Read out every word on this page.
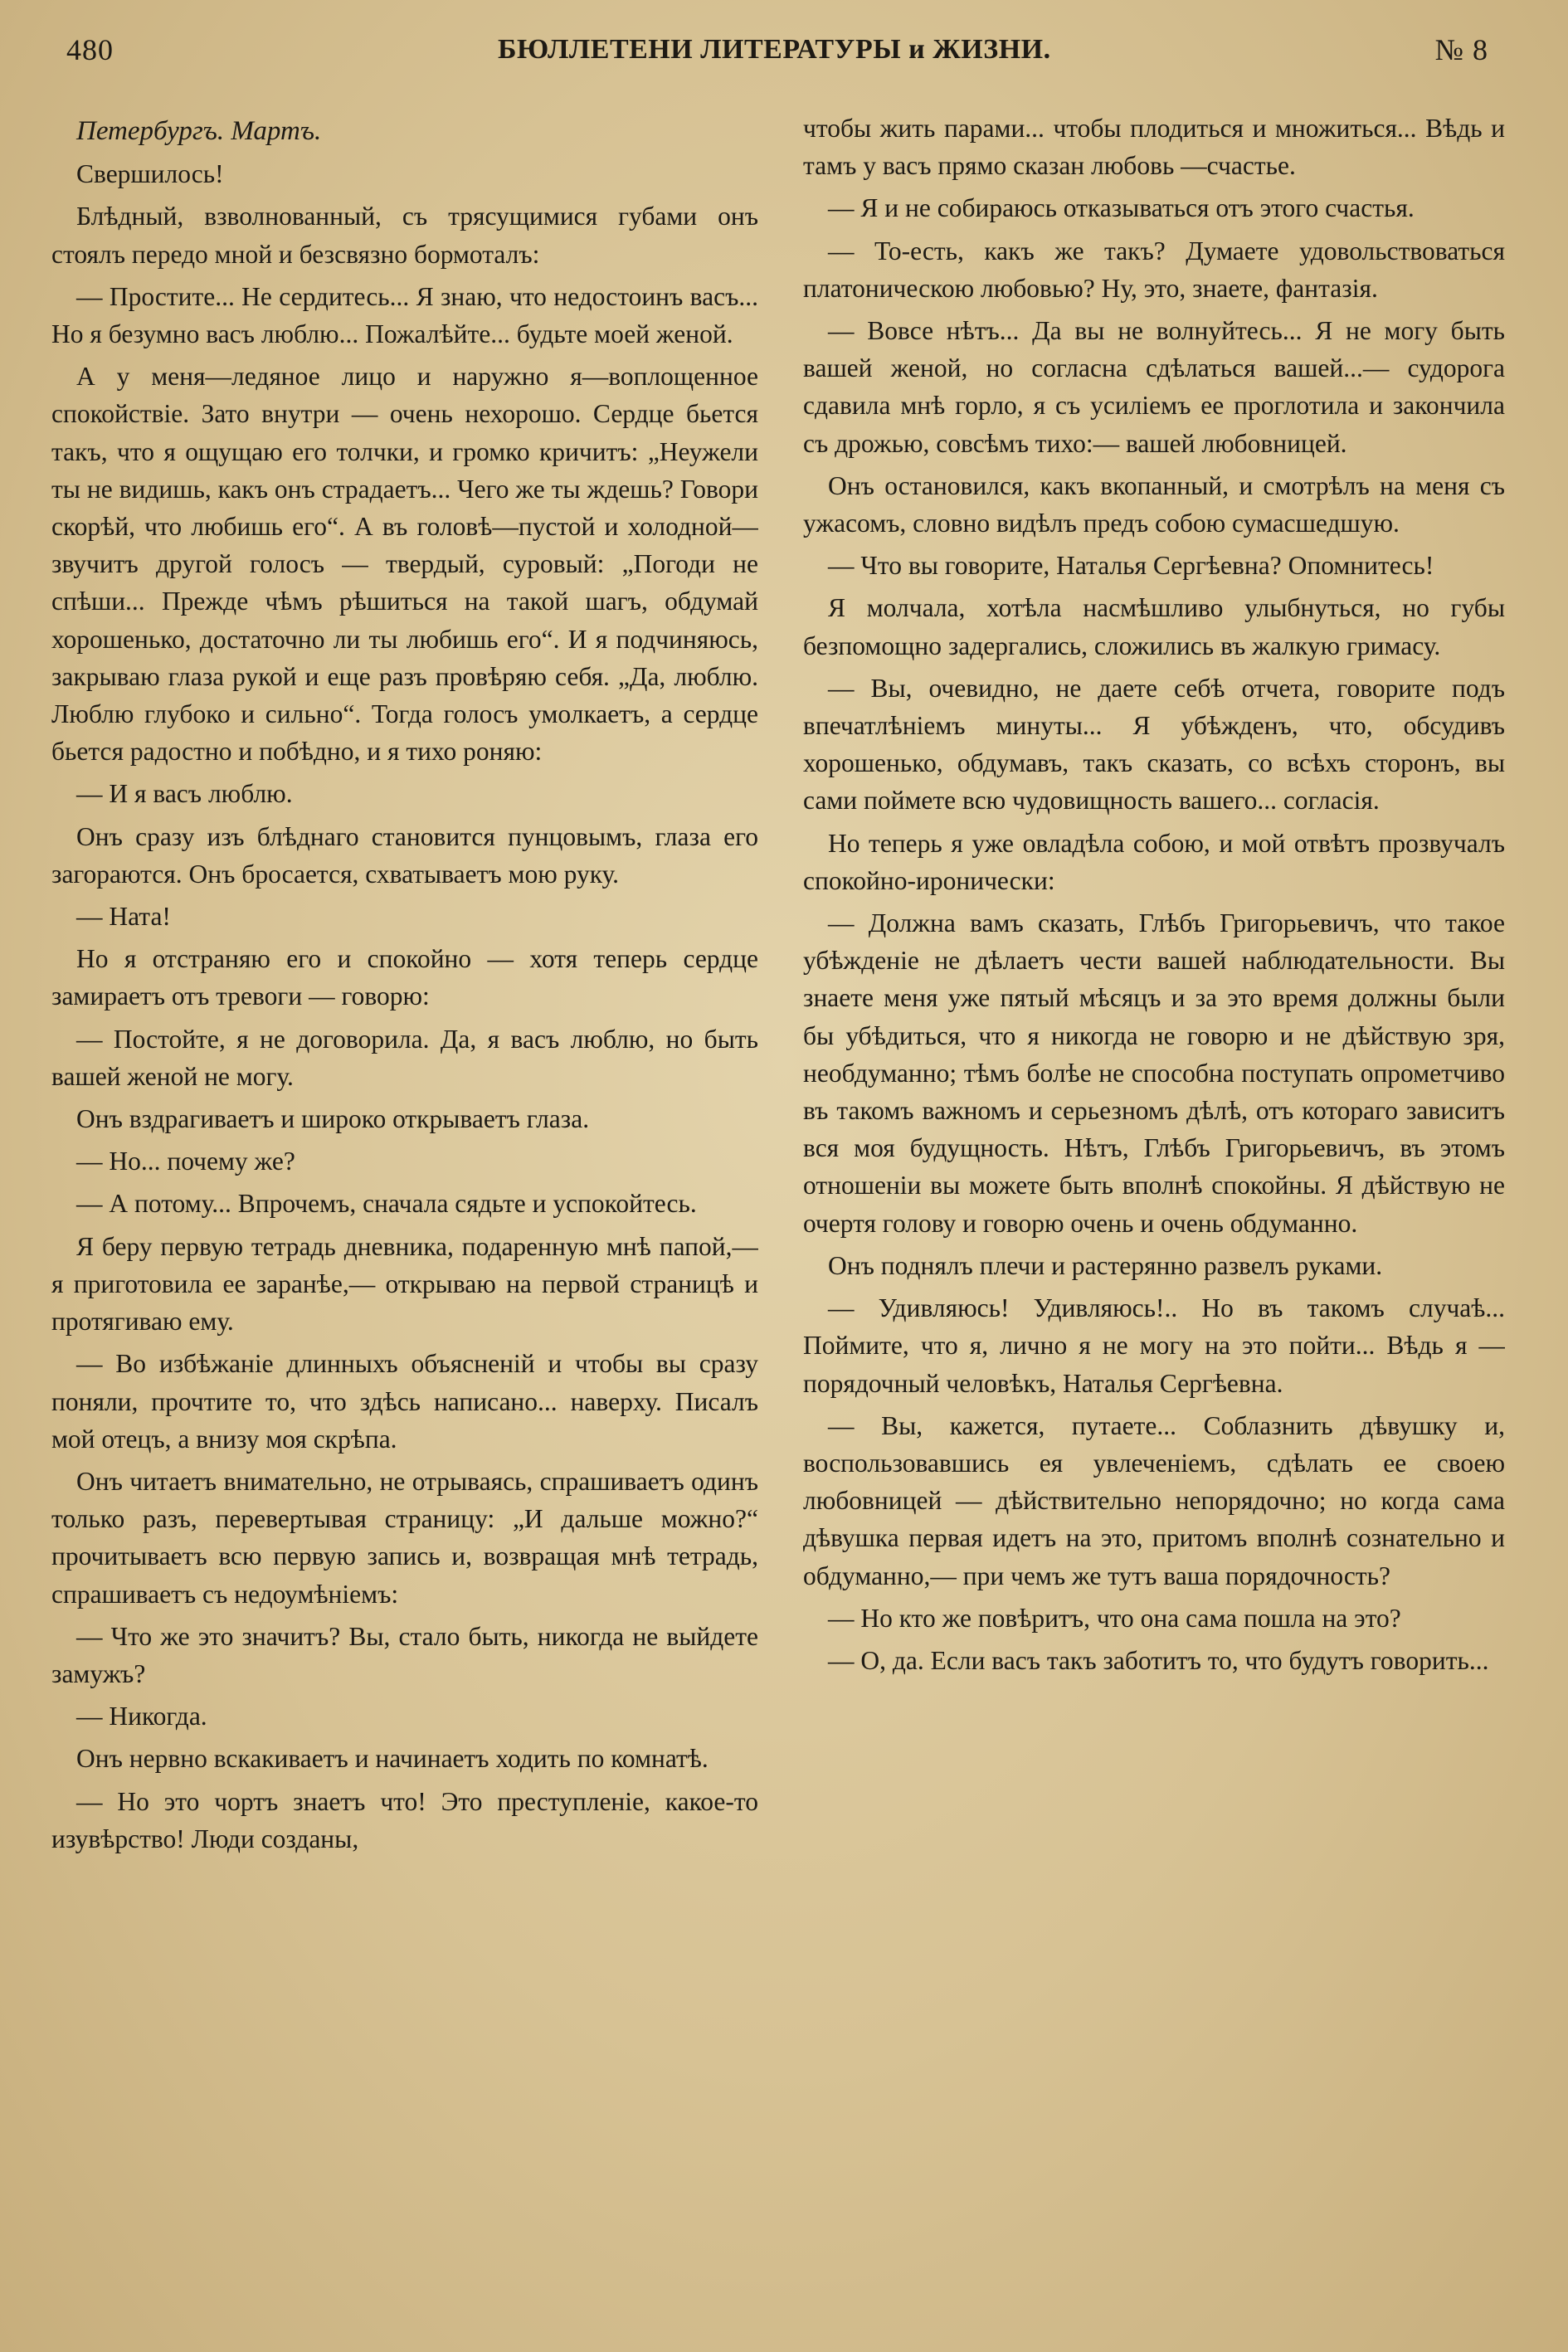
480	БЮЛЛЕТЕНИ ЛИТЕРАТУРЫ и ЖИЗНИ.	№ 8

Петербургъ. Мартъ.

Свершилось!

Блѣдный, взволнованный, съ трясущимися губами онъ стоялъ передо мной и безсвязно бормоталъ:

— Простите... Не сердитесь... Я знаю, что недостоинъ васъ... Но я безумно васъ люблю... Пожалѣйте... будьте моей женой.

А у меня—ледяное лицо и наружно я—воплощенное спокойствіе. Зато внутри — очень нехорошо. Сердце бьется такъ, что я ощущаю его толчки, и громко кричитъ: „Неужели ты не видишь, какъ онъ страдаетъ... Чего же ты ждешь? Говори скорѣй, что любишь его“. А въ головѣ—пустой и холодной—звучитъ другой голосъ — твердый, суровый: „Погоди не спѣши... Прежде чѣмъ рѣшиться на такой шагъ, обдумай хорошенько, достаточно ли ты любишь его“. И я подчиняюсь, закрываю глаза рукой и еще разъ провѣряю себя. „Да, люблю. Люблю глубоко и сильно“. Тогда голосъ умолкаетъ, а сердце бьется радостно и побѣдно, и я тихо роняю:

— И я васъ люблю.

Онъ сразу изъ блѣднаго становится пунцовымъ, глаза его загораются. Онъ бросается, схватываетъ мою руку.

— Ната!

Но я отстраняю его и спокойно — хотя теперь сердце замираетъ отъ тревоги — говорю:

— Постойте, я не договорила. Да, я васъ люблю, но быть вашей женой не могу.

Онъ вздрагиваетъ и широко открываетъ глаза.

— Но... почему же?

— А потому... Впрочемъ, сначала сядьте и успокойтесь.

Я беру первую тетрадь дневника, подаренную мнѣ папой,—я приготовила ее заранѣе,— открываю на первой страницѣ и протягиваю ему.

— Во избѣжаніе длинныхъ объясненій и чтобы вы сразу поняли, прочтите то, что здѣсь написано... наверху. Писалъ мой отецъ, а внизу моя скрѣпа.

Онъ читаетъ внимательно, не отрываясь, спрашиваетъ одинъ только разъ, перевертывая страницу: „И дальше можно?“ прочитываетъ всю первую запись и, возвращая мнѣ тетрадь, спрашиваетъ съ недоумѣніемъ:

— Что же это значитъ? Вы, стало быть, никогда не выйдете замужъ?

— Никогда.

Онъ нервно вскакиваетъ и начинаетъ ходить по комнатѣ.

— Но это чортъ знаетъ что! Это преступленіе, какое-то изувѣрство! Люди созданы,

чтобы жить парами... чтобы плодиться и множиться... Вѣдь и тамъ у васъ прямо сказан любовь —счастье.

— Я и не собираюсь отказываться отъ этого счастья.

— То-есть, какъ же такъ? Думаете удовольствоваться платоническою любовью? Ну, это, знаете, фантазія.

— Вовсе нѣтъ... Да вы не волнуйтесь... Я не могу быть вашей женой, но согласна сдѣлаться вашей...— судорога сдавила мнѣ горло, я съ усиліемъ ее проглотила и закончила съ дрожью, совсѣмъ тихо:— вашей любовницей.

Онъ остановился, какъ вкопанный, и смотрѣлъ на меня съ ужасомъ, словно видѣлъ предъ собою сумасшедшую.

— Что вы говорите, Наталья Сергѣевна? Опомнитесь!

Я молчала, хотѣла насмѣшливо улыбнуться, но губы безпомощно задергались, сложились въ жалкую гримасу.

— Вы, очевидно, не даете себѣ отчета, говорите подъ впечатлѣніемъ минуты... Я убѣжденъ, что, обсудивъ хорошенько, обдумавъ, такъ сказать, со всѣхъ сторонъ, вы сами поймете всю чудовищность вашего... согласія.

Но теперь я уже овладѣла собою, и мой отвѣтъ прозвучалъ спокойно-иронически:

— Должна вамъ сказать, Глѣбъ Григорьевичъ, что такое убѣжденіе не дѣлаетъ чести вашей наблюдательности. Вы знаете меня уже пятый мѣсяцъ и за это время должны были бы убѣдиться, что я никогда не говорю и не дѣйствую зря, необдуманно; тѣмъ болѣе не способна поступать опрометчиво въ такомъ важномъ и серьезномъ дѣлѣ, отъ котораго зависитъ вся моя будущность. Нѣтъ, Глѣбъ Григорьевичъ, въ этомъ отношеніи вы можете быть вполнѣ спокойны. Я дѣйствую не очертя голову и говорю очень и очень обдуманно.

Онъ поднялъ плечи и растерянно развелъ руками.

— Удивляюсь! Удивляюсь!.. Но въ такомъ случаѣ... Поймите, что я, лично я не могу на это пойти... Вѣдь я — порядочный человѣкъ, Наталья Сергѣевна.

— Вы, кажется, путаете... Соблазнить дѣвушку и, воспользовавшись ея увлеченіемъ, сдѣлать ее своею любовницей — дѣйствительно непорядочно; но когда сама дѣвушка первая идетъ на это, притомъ вполнѣ сознательно и обдуманно,— при чемъ же тутъ ваша порядочность?

— Но кто же повѣритъ, что она сама пошла на это?

— О, да. Если васъ такъ заботитъ то, что будутъ говорить...
